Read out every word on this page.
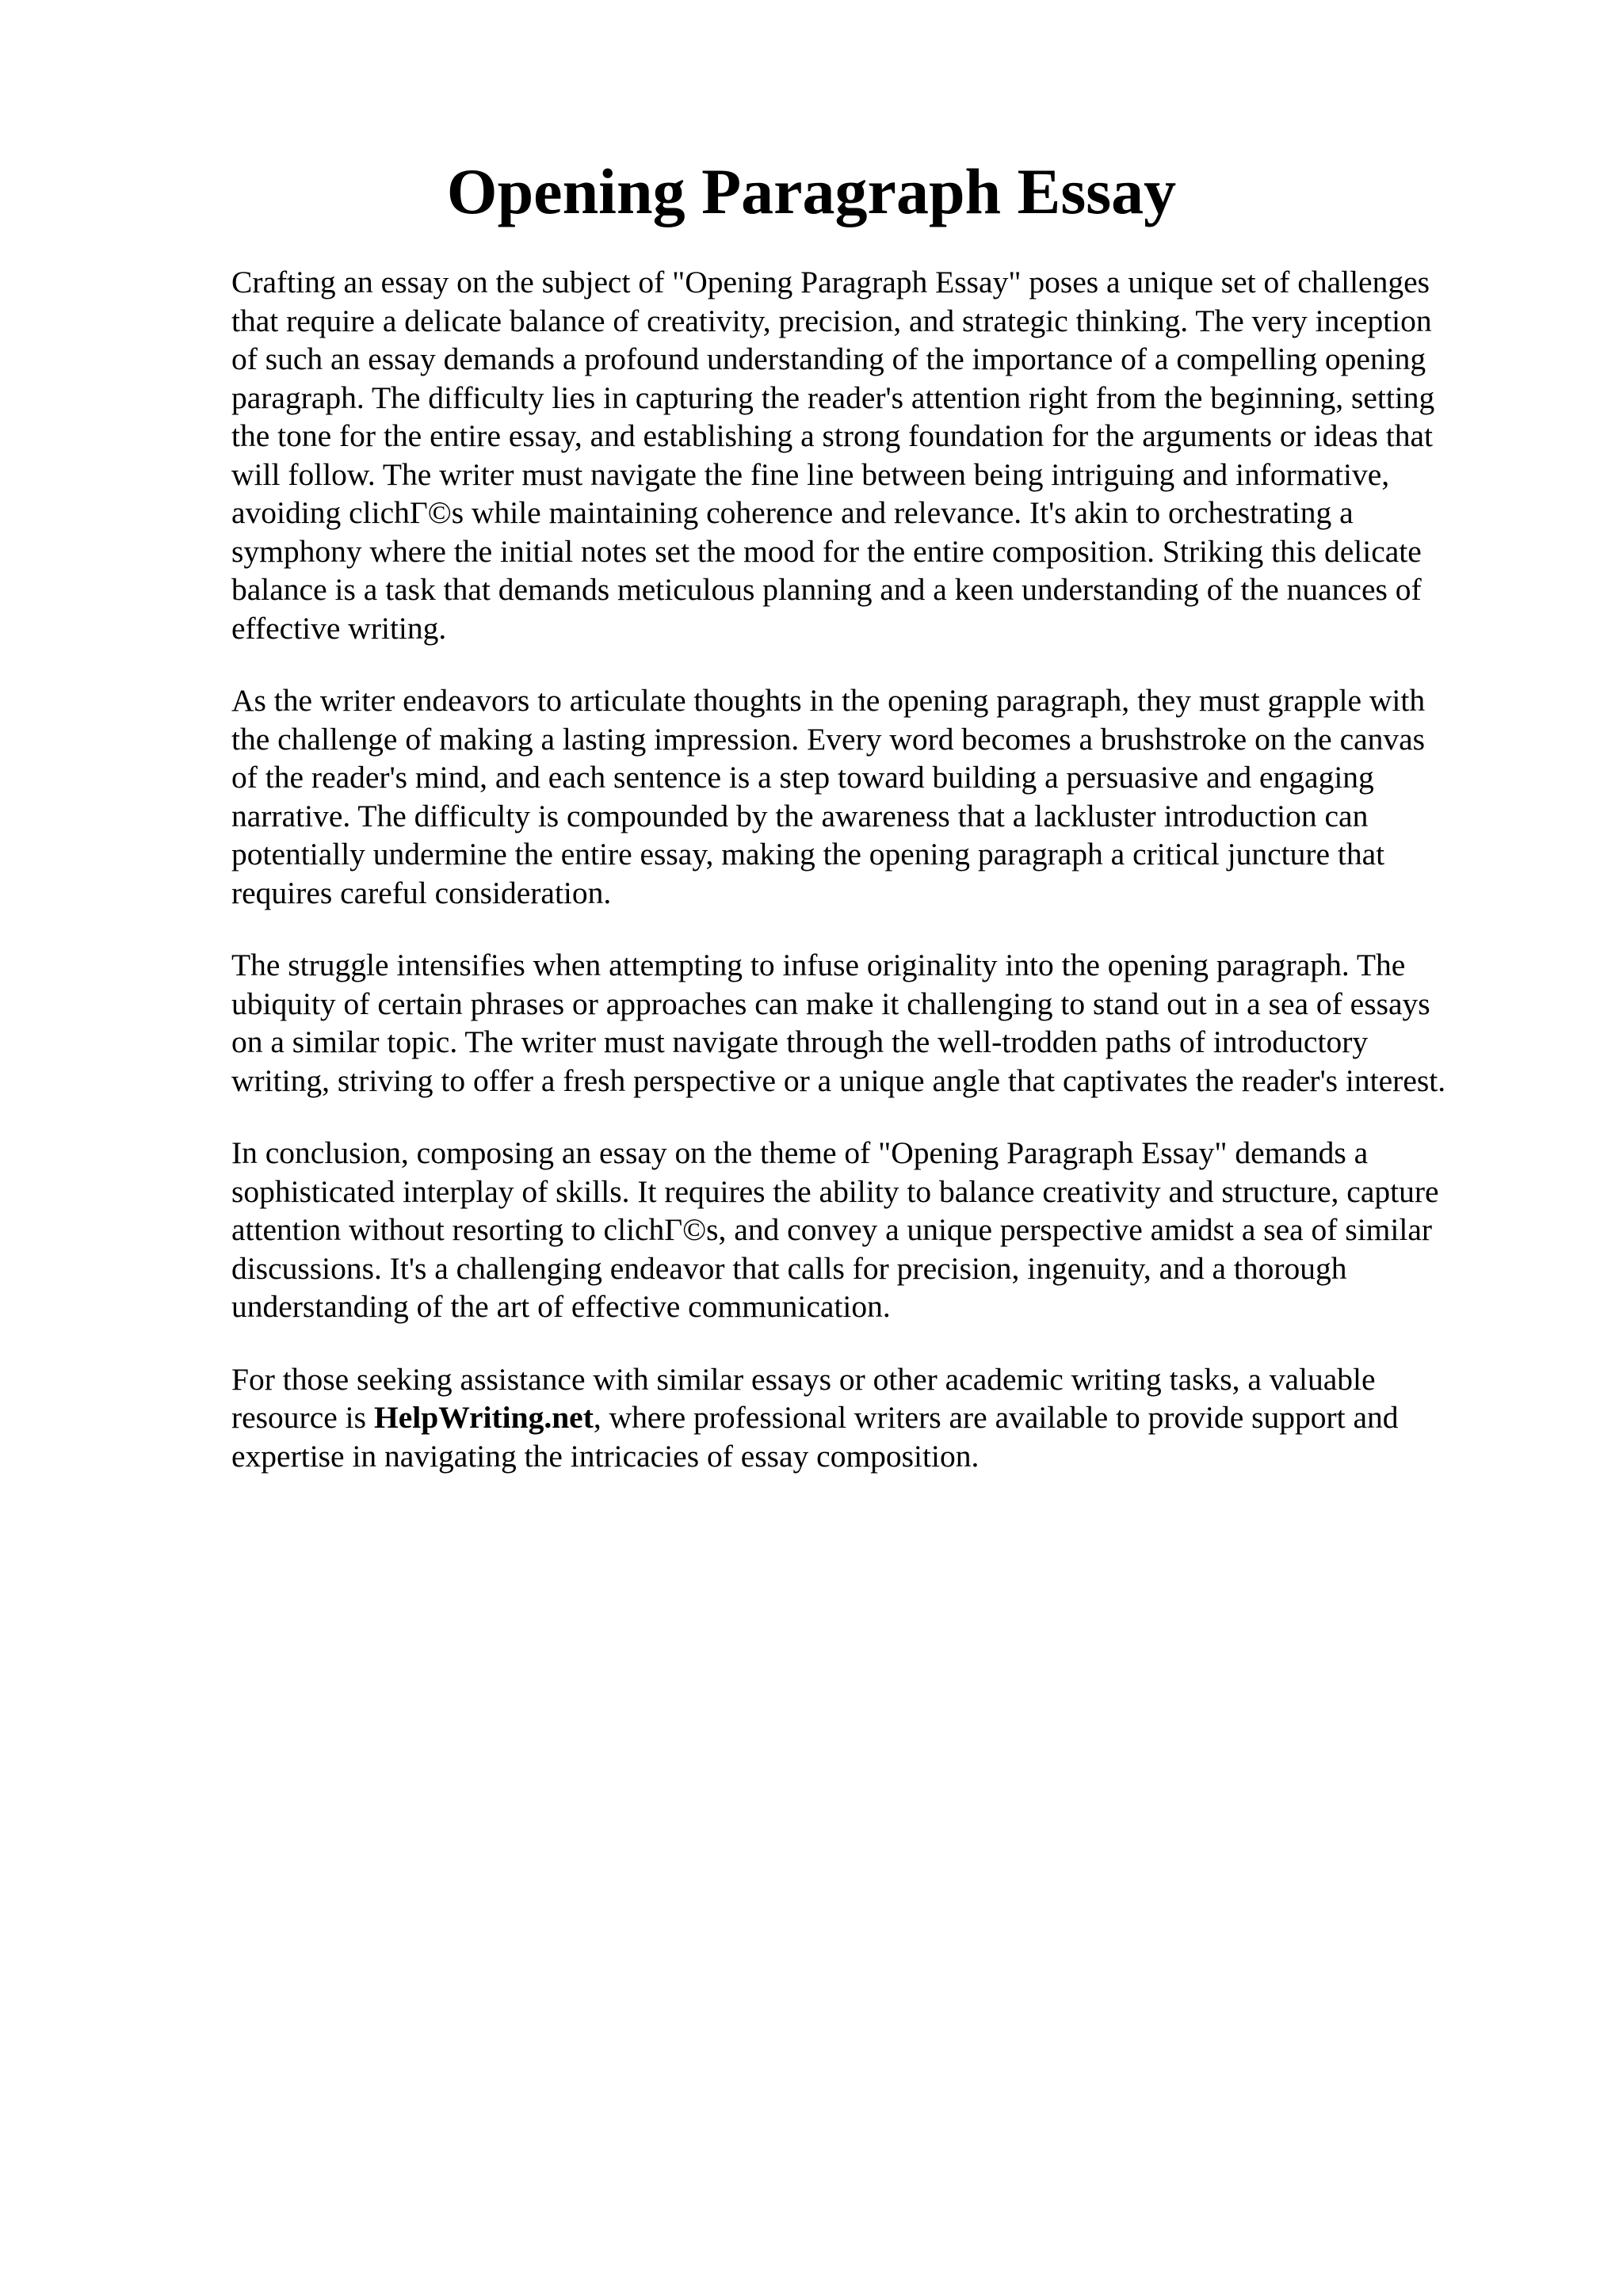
Opening Paragraph Essay

Crafting an essay on the subject of "Opening Paragraph Essay" poses a unique set of challenges
that require a delicate balance of creativity, precision, and strategic thinking. The very inception
of such an essay demands a profound understanding of the importance of a compelling opening
paragraph. The difficulty lies in capturing the reader's attention right from the beginning, setting
the tone for the entire essay, and establishing a strong foundation for the arguments or ideas that
will follow. The writer must navigate the fine line between being intriguing and informative,
avoiding clichΓ©s while maintaining coherence and relevance. It's akin to orchestrating a
symphony where the initial notes set the mood for the entire composition. Striking this delicate
balance is a task that demands meticulous planning and a keen understanding of the nuances of
effective writing.

As the writer endeavors to articulate thoughts in the opening paragraph, they must grapple with
the challenge of making a lasting impression. Every word becomes a brushstroke on the canvas
of the reader's mind, and each sentence is a step toward building a persuasive and engaging
narrative. The difficulty is compounded by the awareness that a lackluster introduction can
potentially undermine the entire essay, making the opening paragraph a critical juncture that
requires careful consideration.

The struggle intensifies when attempting to infuse originality into the opening paragraph. The
ubiquity of certain phrases or approaches can make it challenging to stand out in a sea of essays
on a similar topic. The writer must navigate through the well-trodden paths of introductory
writing, striving to offer a fresh perspective or a unique angle that captivates the reader's interest.

In conclusion, composing an essay on the theme of "Opening Paragraph Essay" demands a
sophisticated interplay of skills. It requires the ability to balance creativity and structure, capture
attention without resorting to clichΓ©s, and convey a unique perspective amidst a sea of similar
discussions. It's a challenging endeavor that calls for precision, ingenuity, and a thorough
understanding of the art of effective communication.

For those seeking assistance with similar essays or other academic writing tasks, a valuable
resource is HelpWriting.net, where professional writers are available to provide support and
expertise in navigating the intricacies of essay composition.
